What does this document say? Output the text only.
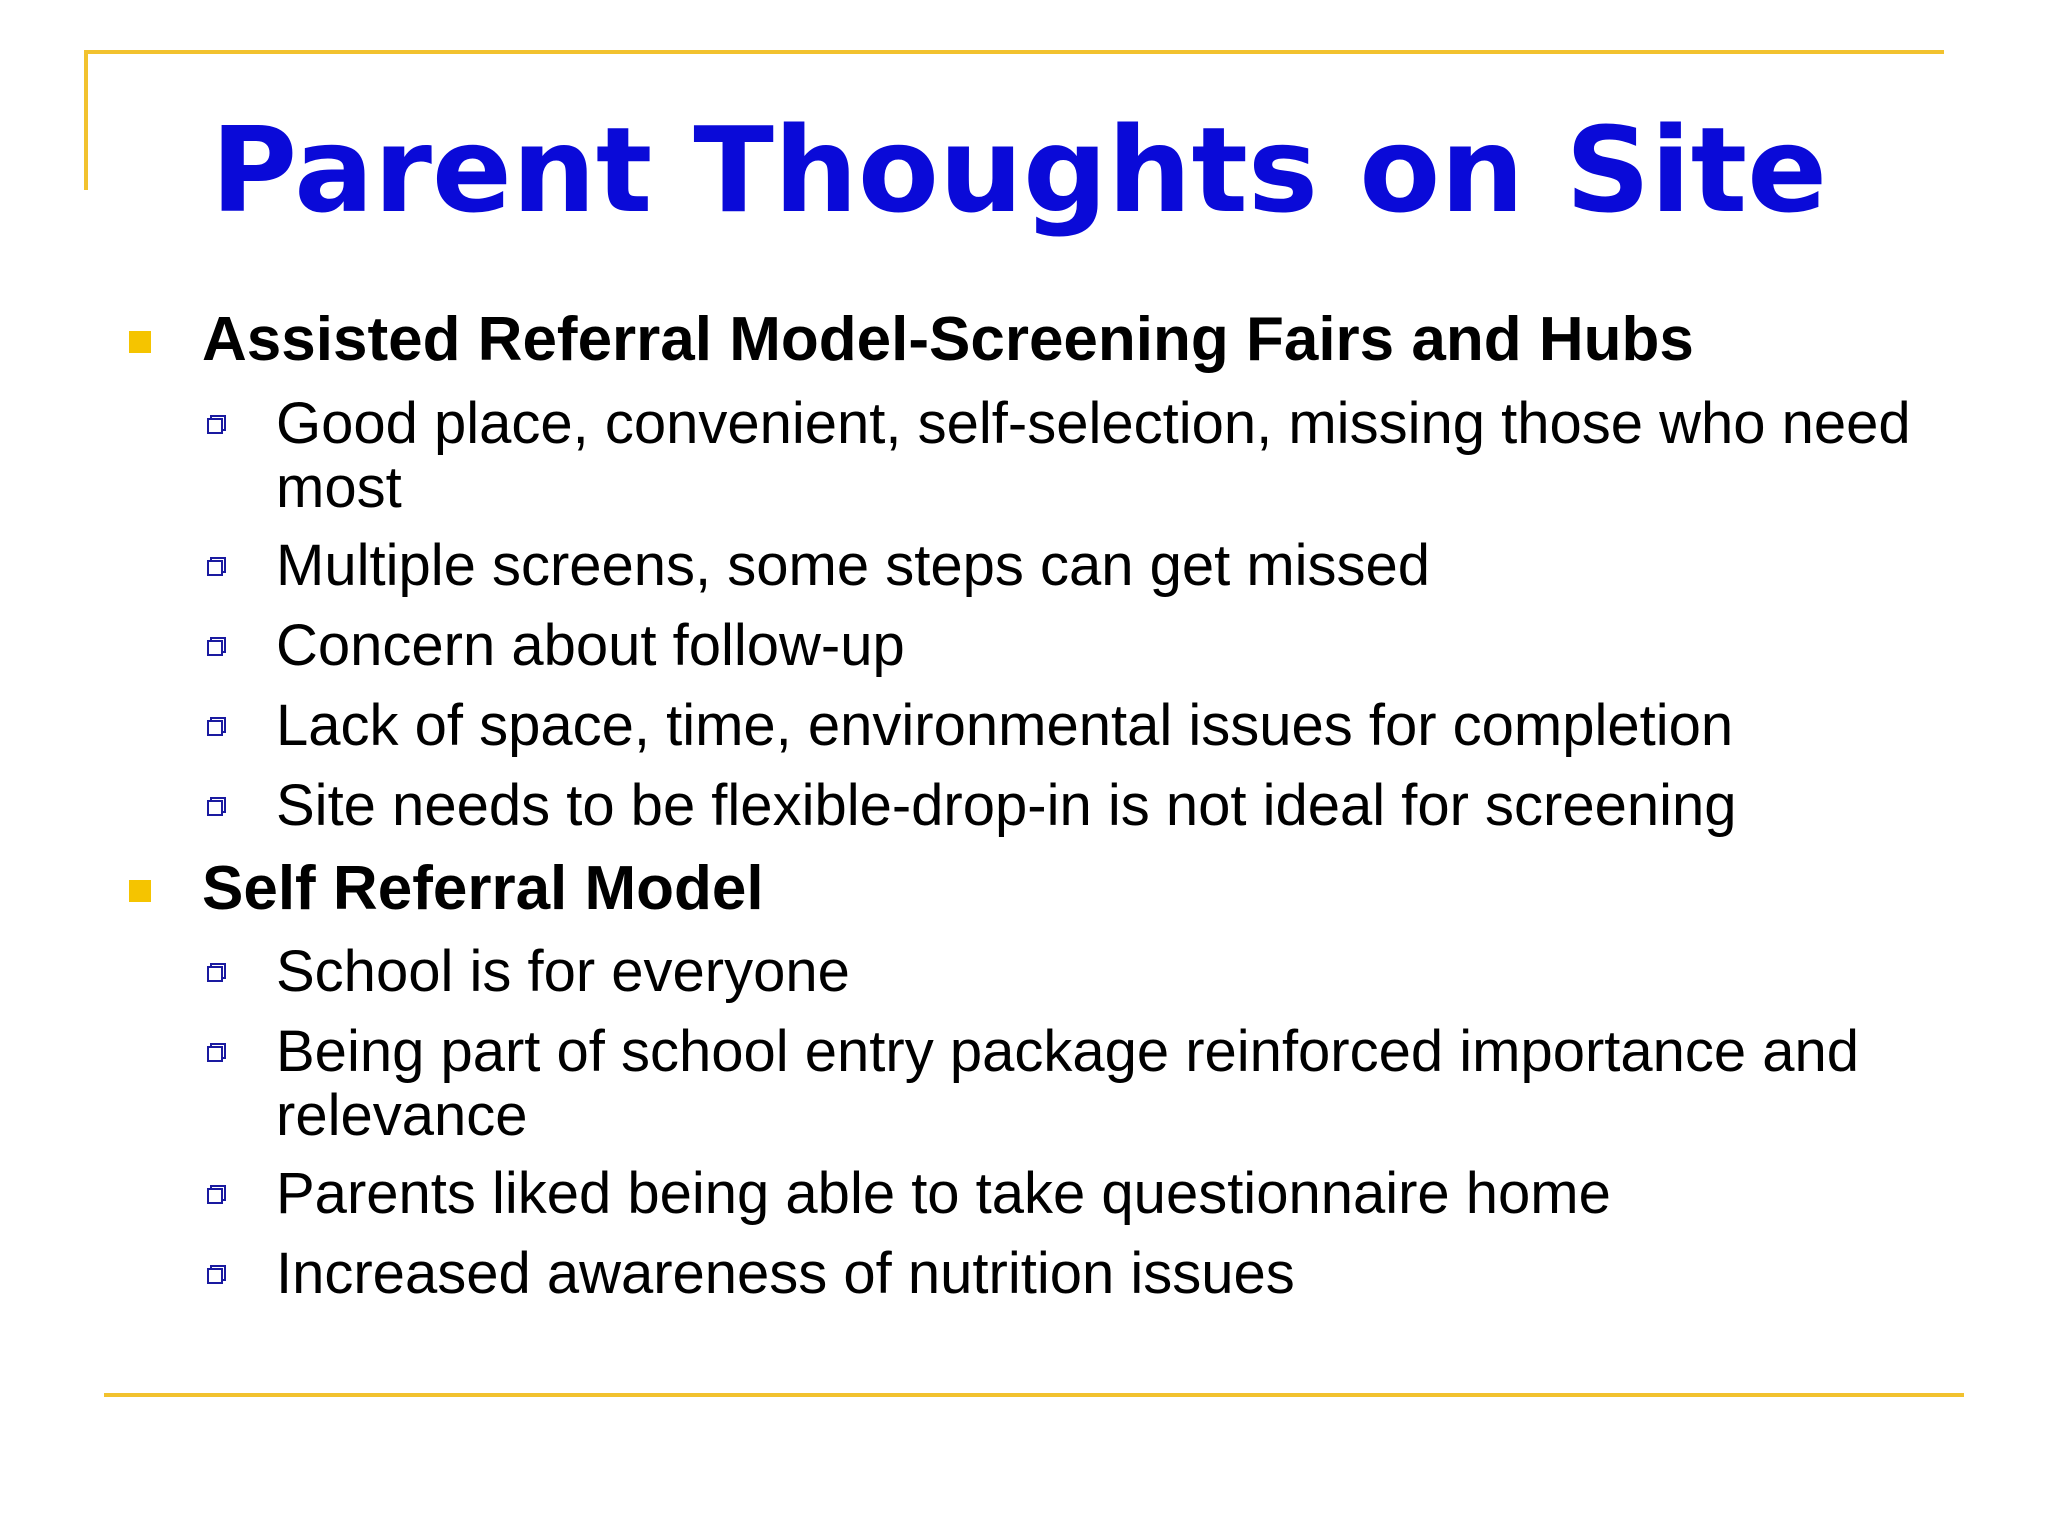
Parent Thoughts on Site
Assisted Referral Model-Screening Fairs and Hubs
Good place, convenient, self-selection, missing those who need most
Multiple screens, some steps can get missed
Concern about follow-up
Lack of space, time, environmental issues for completion
Site needs to be flexible-drop-in is not ideal for screening
Self Referral Model
School is for everyone
Being part of school entry package reinforced importance and relevance
Parents liked being able to take questionnaire home
Increased awareness of nutrition issues
